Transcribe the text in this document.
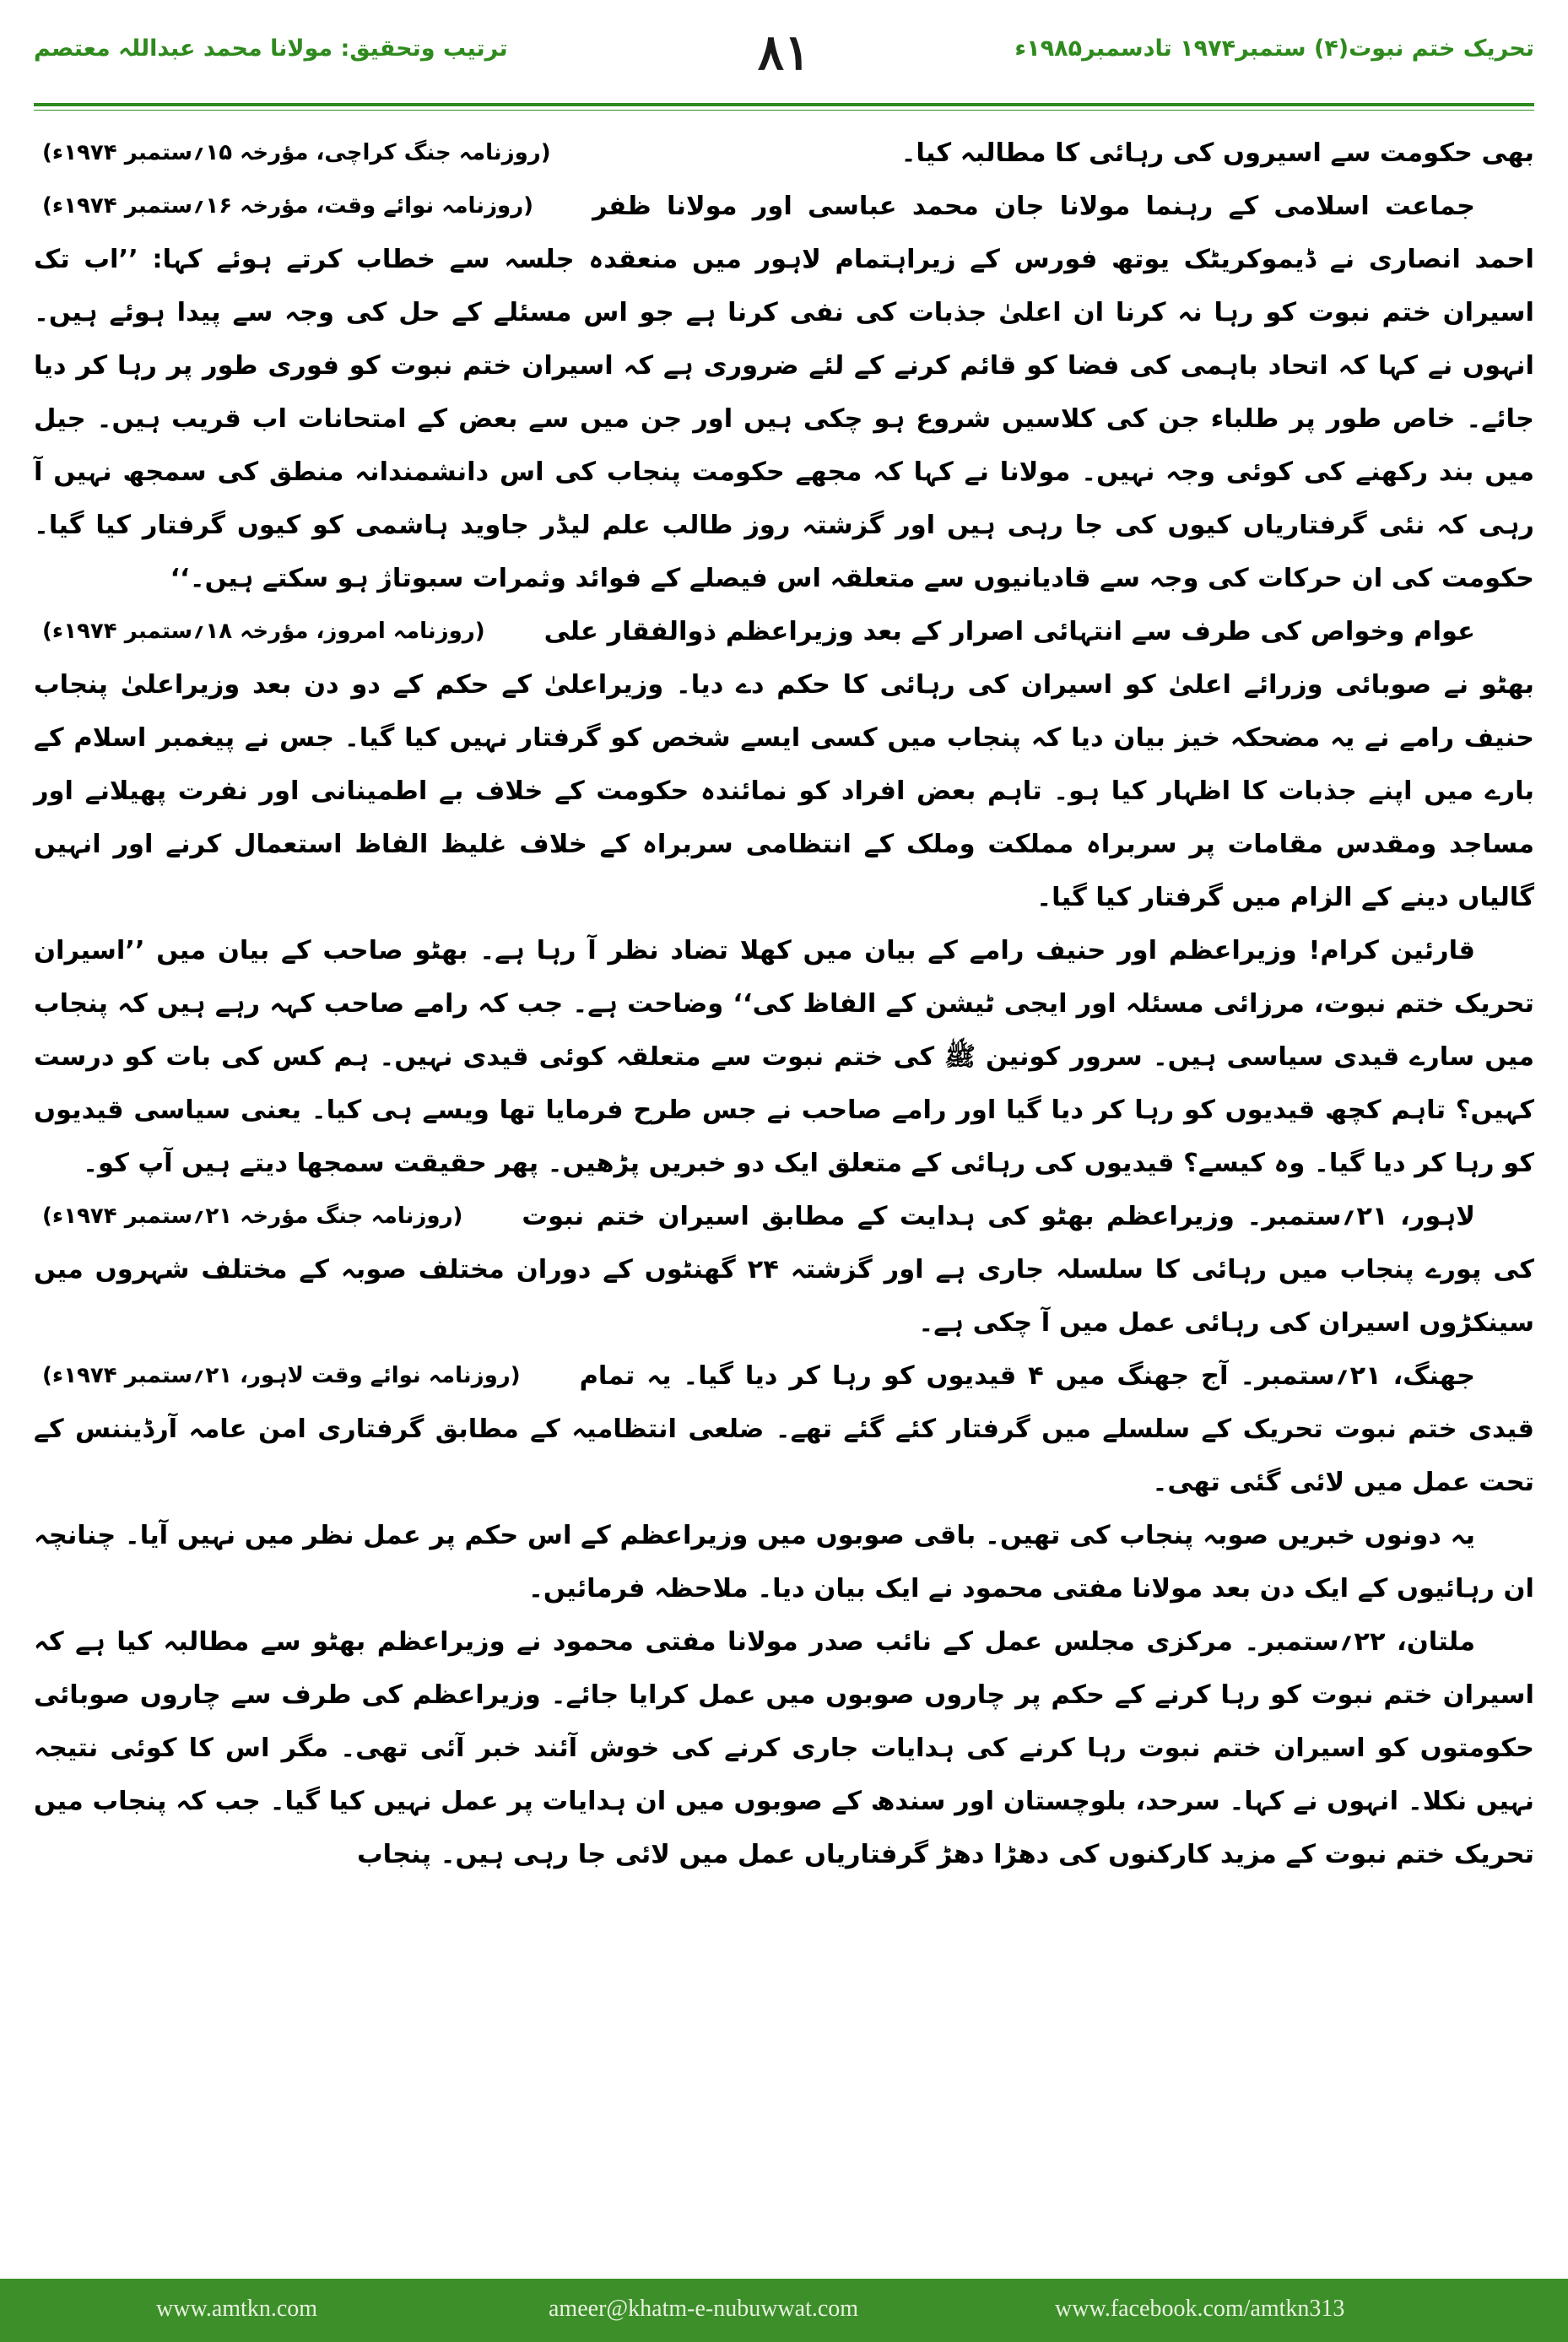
تحریک ختم نبوت(۴) ستمبر۱۹۷۴ تادسمبر۱۹۸۵ء
۸۱
ترتیب وتحقیق: مولانا محمد عبداللہ معتصم

(روزنامہ جنگ کراچی، مؤرخہ ۱۵؍ستمبر ۱۹۷۴ء)	بھی حکومت سے اسیروں کی رہائی کا مطالبہ کیا۔

(روزنامہ نوائے وقت، مؤرخہ ۱۶؍ستمبر ۱۹۷۴ء)	جماعت اسلامی کے رہنما مولانا جان محمد عباسی اور مولانا ظفر احمد انصاری نے ڈیموکریٹک یوتھ فورس کے زیراہتمام لاہور میں منعقدہ جلسہ سے خطاب کرتے ہوئے کہا: ’’اب تک اسیران ختم نبوت کو رہا نہ کرنا ان اعلیٰ جذبات کی نفی کرنا ہے جو اس مسئلے کے حل کی وجہ سے پیدا ہوئے ہیں۔ انہوں نے کہا کہ اتحاد باہمی کی فضا کو قائم کرنے کے لئے ضروری ہے کہ اسیران ختم نبوت کو فوری طور پر رہا کر دیا جائے۔ خاص طور پر طلباء جن کی کلاسیں شروع ہو چکی ہیں اور جن میں سے بعض کے امتحانات اب قریب ہیں۔ جیل میں بند رکھنے کی کوئی وجہ نہیں۔ مولانا نے کہا کہ مجھے حکومت پنجاب کی اس دانشمندانہ منطق کی سمجھ نہیں آ رہی کہ نئی گرفتاریاں کیوں کی جا رہی ہیں اور گزشتہ روز طالب علم لیڈر جاوید ہاشمی کو کیوں گرفتار کیا گیا۔ حکومت کی ان حرکات کی وجہ سے قادیانیوں سے متعلقہ اس فیصلے کے فوائد وثمرات سبوتاژ ہو سکتے ہیں۔‘‘

(روزنامہ امروز، مؤرخہ ۱۸؍ستمبر ۱۹۷۴ء)	عوام وخواص کی طرف سے انتہائی اصرار کے بعد وزیراعظم ذوالفقار علی بھٹو نے صوبائی وزرائے اعلیٰ کو اسیران کی رہائی کا حکم دے دیا۔ وزیراعلیٰ کے حکم کے دو دن بعد وزیراعلیٰ پنجاب حنیف رامے نے یہ مضحکہ خیز بیان دیا کہ پنجاب میں کسی ایسے شخص کو گرفتار نہیں کیا گیا۔ جس نے پیغمبر اسلام کے بارے میں اپنے جذبات کا اظہار کیا ہو۔ تاہم بعض افراد کو نمائندہ حکومت کے خلاف بے اطمینانی اور نفرت پھیلانے اور مساجد ومقدس مقامات پر سربراہ مملکت وملک کے انتظامی سربراہ کے خلاف غلیظ الفاظ استعمال کرنے اور انہیں گالیاں دینے کے الزام میں گرفتار کیا گیا۔

قارئین کرام! وزیراعظم اور حنیف رامے کے بیان میں کھلا تضاد نظر آ رہا ہے۔ بھٹو صاحب کے بیان میں ’’اسیران تحریک ختم نبوت، مرزائی مسئلہ اور ایجی ٹیشن کے الفاظ کی‘‘ وضاحت ہے۔ جب کہ رامے صاحب کہہ رہے ہیں کہ پنجاب میں سارے قیدی سیاسی ہیں۔ سرور کونین ﷺ کی ختم نبوت سے متعلقہ کوئی قیدی نہیں۔ ہم کس کی بات کو درست کہیں؟ تاہم کچھ قیدیوں کو رہا کر دیا گیا اور رامے صاحب نے جس طرح فرمایا تھا ویسے ہی کیا۔ یعنی سیاسی قیدیوں کو رہا کر دیا گیا۔ وہ کیسے؟ قیدیوں کی رہائی کے متعلق ایک دو خبریں پڑھیں۔ پھر حقیقت سمجھا دیتے ہیں آپ کو۔

(روزنامہ جنگ مؤرخہ ۲۱؍ستمبر ۱۹۷۴ء)	لاہور، ۲۱؍ستمبر۔ وزیراعظم بھٹو کی ہدایت کے مطابق اسیران ختم نبوت کی پورے پنجاب میں رہائی کا سلسلہ جاری ہے اور گزشتہ ۲۴ گھنٹوں کے دوران مختلف صوبہ کے مختلف شہروں میں سینکڑوں اسیران کی رہائی عمل میں آ چکی ہے۔

(روزنامہ نوائے وقت لاہور، ۲۱؍ستمبر ۱۹۷۴ء)	جھنگ، ۲۱؍ستمبر۔ آج جھنگ میں ۴ قیدیوں کو رہا کر دیا گیا۔ یہ تمام قیدی ختم نبوت تحریک کے سلسلے میں گرفتار کئے گئے تھے۔ ضلعی انتظامیہ کے مطابق گرفتاری امن عامہ آرڈیننس کے تحت عمل میں لائی گئی تھی۔

یہ دونوں خبریں صوبہ پنجاب کی تھیں۔ باقی صوبوں میں وزیراعظم کے اس حکم پر عمل نظر میں نہیں آیا۔ چنانچہ ان رہائیوں کے ایک دن بعد مولانا مفتی محمود نے ایک بیان دیا۔ ملاحظہ فرمائیں۔

ملتان، ۲۲؍ستمبر۔ مرکزی مجلس عمل کے نائب صدر مولانا مفتی محمود نے وزیراعظم بھٹو سے مطالبہ کیا ہے کہ اسیران ختم نبوت کو رہا کرنے کے حکم پر چاروں صوبوں میں عمل کرایا جائے۔ وزیراعظم کی طرف سے چاروں صوبائی حکومتوں کو اسیران ختم نبوت رہا کرنے کی ہدایات جاری کرنے کی خوش آئند خبر آئی تھی۔ مگر اس کا کوئی نتیجہ نہیں نکلا۔ انہوں نے کہا۔ سرحد، بلوچستان اور سندھ کے صوبوں میں ان ہدایات پر عمل نہیں کیا گیا۔ جب کہ پنجاب میں تحریک ختم نبوت کے مزید کارکنوں کی دھڑا دھڑ گرفتاریاں عمل میں لائی جا رہی ہیں۔ پنجاب

www.amtkn.com	ameer@khatm-e-nubuwwat.com	www.facebook.com/amtkn313
